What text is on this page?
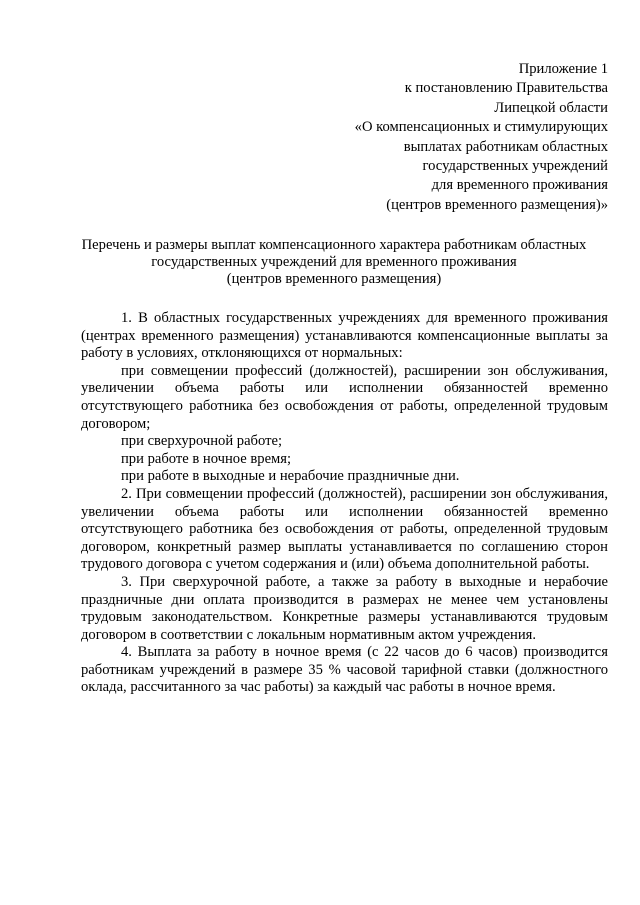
Приложение 1
к постановлению Правительства
Липецкой области
«О компенсационных и стимулирующих
выплатах работникам областных
государственных учреждений
для временного проживания
(центров временного размещения)»
Перечень и размеры выплат компенсационного характера работникам областных
государственных учреждений для временного проживания
(центров временного размещения)

1. В областных государственных учреждениях для временного проживания (центрах временного размещения) устанавливаются компенсационные выплаты за работу в условиях, отклоняющихся от нормальных:

при совмещении профессий (должностей), расширении зон обслуживания, увеличении объема работы или исполнении обязанностей временно отсутствующего работника без освобождения от работы, определенной трудовым договором;

при сверхурочной работе;

при работе в ночное время;

при работе в выходные и нерабочие праздничные дни.

2. При совмещении профессий (должностей), расширении зон обслуживания, увеличении объема работы или исполнении обязанностей временно отсутствующего работника без освобождения от работы, определенной трудовым договором, конкретный размер выплаты устанавливается по соглашению сторон трудового договора с учетом содержания и (или) объема дополнительной работы.

3. При сверхурочной работе, а также за работу в выходные и нерабочие праздничные дни оплата производится в размерах не менее чем установлены трудовым законодательством. Конкретные размеры устанавливаются трудовым договором в соответствии с локальным нормативным актом учреждения.

4. Выплата за работу в ночное время (с 22 часов до 6 часов) производится работникам учреждений в размере 35 % часовой тарифной ставки (должностного оклада, рассчитанного за час работы) за каждый час работы в ночное время.
